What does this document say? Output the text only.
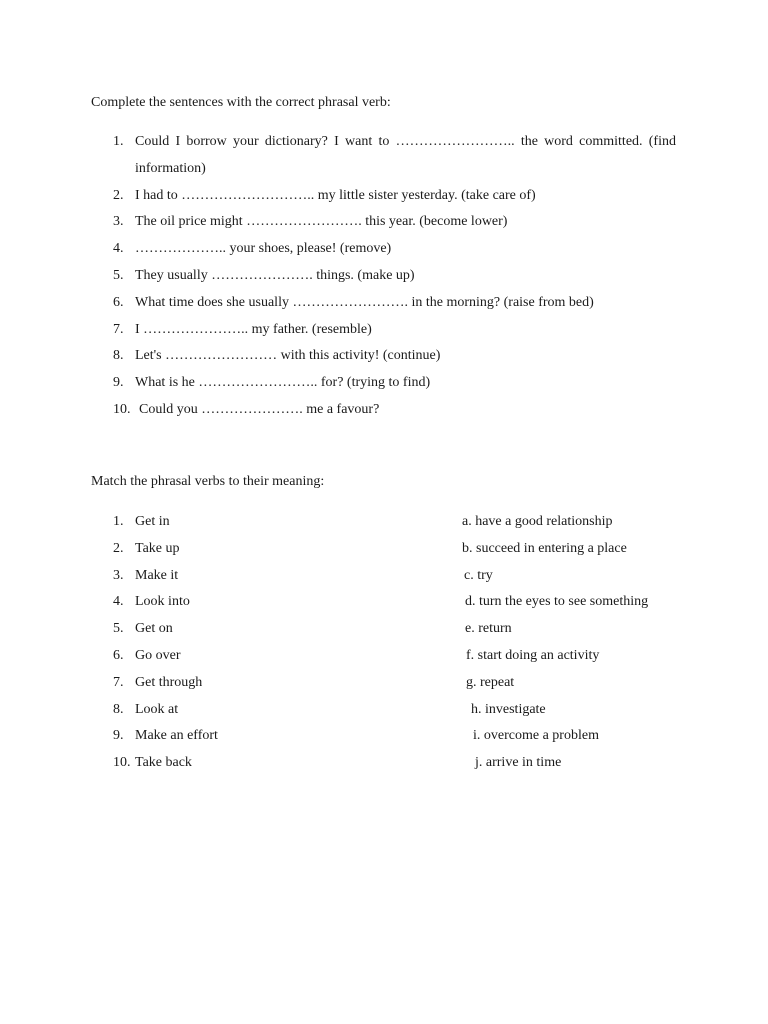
Complete the sentences with the correct phrasal verb:
1. Could I borrow your dictionary? I want to …………………….. the word committed. (find information)
2. I had to ……………………….. my little sister yesterday. (take care of)
3. The oil price might ……………………. this year. (become lower)
4. ……………….. your shoes, please! (remove)
5. They usually …………………. things. (make up)
6. What time does she usually ……………………. in the morning? (raise from bed)
7. I ………………….. my father. (resemble)
8. Let's …………………… with this activity! (continue)
9. What is he …………………….. for? (trying to find)
10. Could you …………………. me a favour?
Match the phrasal verbs to their meaning:
1. Get in	a. have a good relationship
2. Take up	b. succeed in entering a place
3. Make it	c. try
4. Look into	d. turn the eyes to see something
5. Get on	e. return
6. Go over	f. start doing an activity
7. Get through	g. repeat
8. Look at	h. investigate
9. Make an effort	i. overcome a problem
10. Take back	j. arrive in time
